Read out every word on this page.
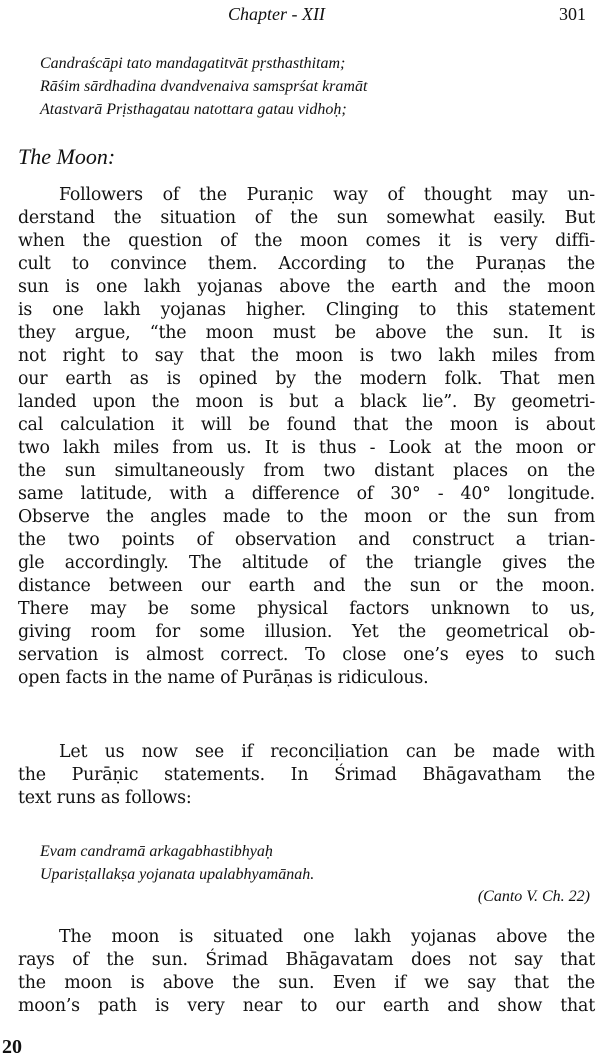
Chapter - XII	301
Candraścāpi tato mandagatitvāt pṛsthasthitam;
Rāśim sārdhadina dvandvenaiva samsprśat kramāt
Atastvarā Prịsthagatau natottara gatau vidhoḥ;
The Moon:
Followers of the Puraṇic way of thought may un-
derstand the situation of the sun somewhat easily. But
when the question of the moon comes it is very diffi-
cult to convince them. According to the Puraṇas the
sun is one lakh yojanas above the earth and the moon
is one lakh yojanas higher. Clinging to this statement
they argue, “the moon must be above the sun. It is
not right to say that the moon is two lakh miles from
our earth as is opined by the modern folk. That men
landed upon the moon is but a black lie”. By geometri-
cal calculation it will be found that the moon is about
two lakh miles from us. It is thus - Look at the moon or
the sun simultaneously from two distant places on the
same latitude, with a difference of 30° - 40° longitude.
Observe the angles made to the moon or the sun from
the two points of observation and construct a trian-
gle accordingly. The altitude of the triangle gives the
distance between our earth and the sun or the moon.
There may be some physical factors unknown to us,
giving room for some illusion. Yet the geometrical ob-
servation is almost correct. To close one’s eyes to such
open facts in the name of Purāṇas is ridiculous.
Let us now see if reconciḷiation can be made with
the Purāṇic statements. In Śrimad Bhāgavatham the
text runs as follows:
Evam candramā arkagabhastibhyaḥ
Uparisṭallakṣa yojanata upalabhyamānah.
(Canto V. Ch. 22)
The moon is situated one lakh yojanas above the
rays of the sun. Śrimad Bhāgavatam does not say that
the moon is above the sun. Even if we say that the
moon’s path is very near to our earth and show that
20
